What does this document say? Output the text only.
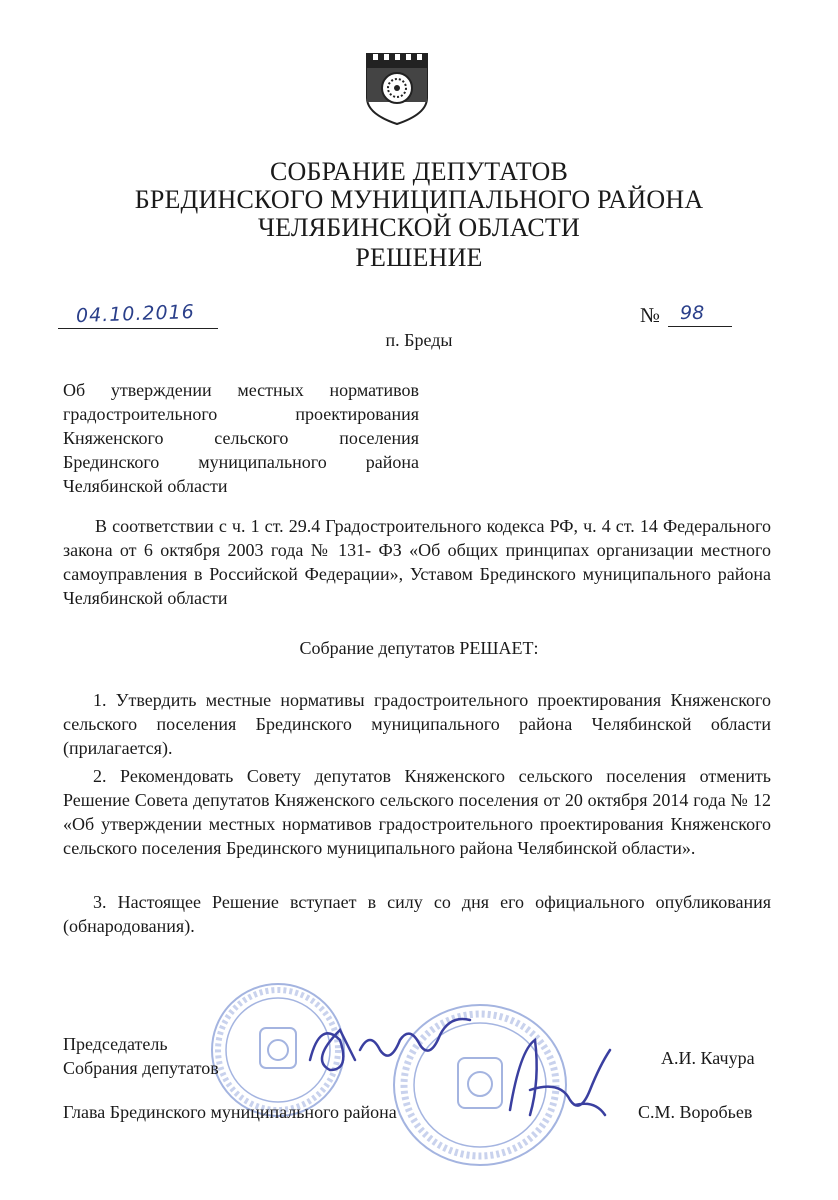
СОБРАНИЕ ДЕПУТАТОВ
БРЕДИНСКОГО МУНИЦИПАЛЬНОГО РАЙОНА
ЧЕЛЯБИНСКОЙ ОБЛАСТИ
РЕШЕНИЕ
04.10.2016	№ 98
п. Бреды
Об утверждении местных нормативов
градостроительного проектирования
Княженского сельского поселения
Брединского муниципального района
Челябинской области
В соответствии с ч. 1 ст. 29.4 Градостроительного кодекса РФ, ч. 4 ст. 14 Федерального закона от 6 октября 2003 года № 131- ФЗ «Об общих принципах организации местного самоуправления в Российской Федерации», Уставом Брединского муниципального района Челябинской области
Собрание депутатов РЕШАЕТ:
1. Утвердить местные нормативы градостроительного проектирования Княженского сельского поселения Брединского муниципального района Челябинской области (прилагается).
2. Рекомендовать Совету депутатов Княженского сельского поселения отменить Решение Совета депутатов Княженского сельского поселения от 20 октября 2014 года № 12 «Об утверждении местных нормативов градостроительного проектирования Княженского сельского поселения Брединского муниципального района Челябинской области».
3. Настоящее Решение вступает в силу со дня его официального опубликования (обнародования).
Председатель
Собрания депутатов	А.И. Качура
Глава Брединского муниципального района	С.М. Воробьев
